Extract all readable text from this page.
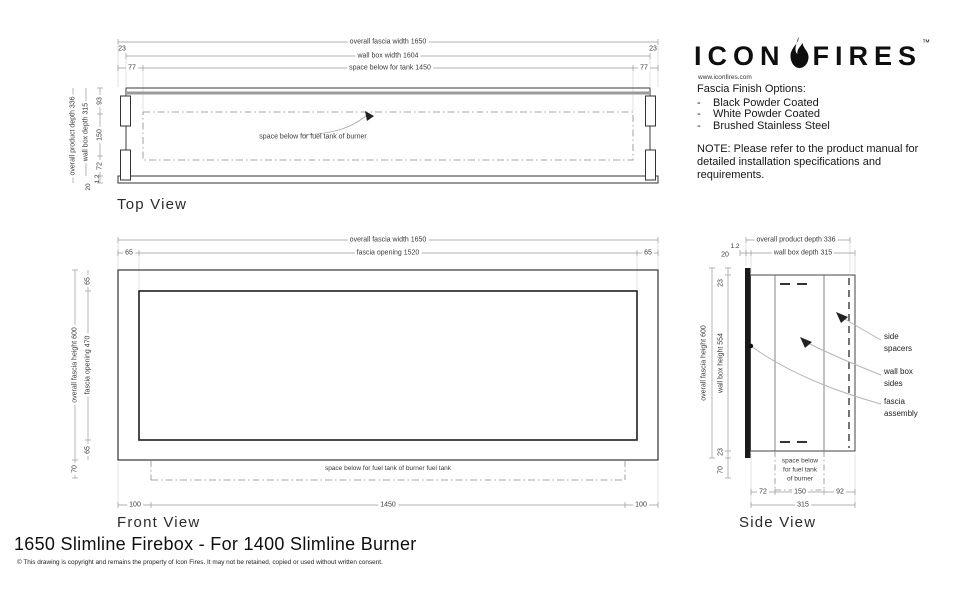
overall fascia width 1650
23	23
wall box width 1604
77	space below for tank 1450	77
overall product depth 336 wall box depth 315
93
150
72
1.2
20
space below for fuel tank of burner
Top View
overall fascia width 1650
65	fascia opening 1520	65
overall fascia height 600 fascia opening 470
65
65
70
100	1450	100
space below for fuel tank of burner fuel tank
Front View
overall product depth 336
20
1.2
wall box depth 315
overall fascia height 600 wall box height 554
23
23
70
72	150	92
315
space below
for fuel tank
of burner
side
spacers
wall box
sides
fascia
assembly
Side View
ICON FIRES ™
www.iconfires.com
Fascia Finish Options:
-	Black Powder Coated
-	White Powder Coated
-	Brushed Stainless Steel
NOTE: Please refer to the product manual for detailed installation specifications and requirements.
1650 Slimline Firebox - For 1400 Slimline Burner
© This drawing is copyright and remains the property of Icon Fires. It may not be retained, copied or used without written consent.
